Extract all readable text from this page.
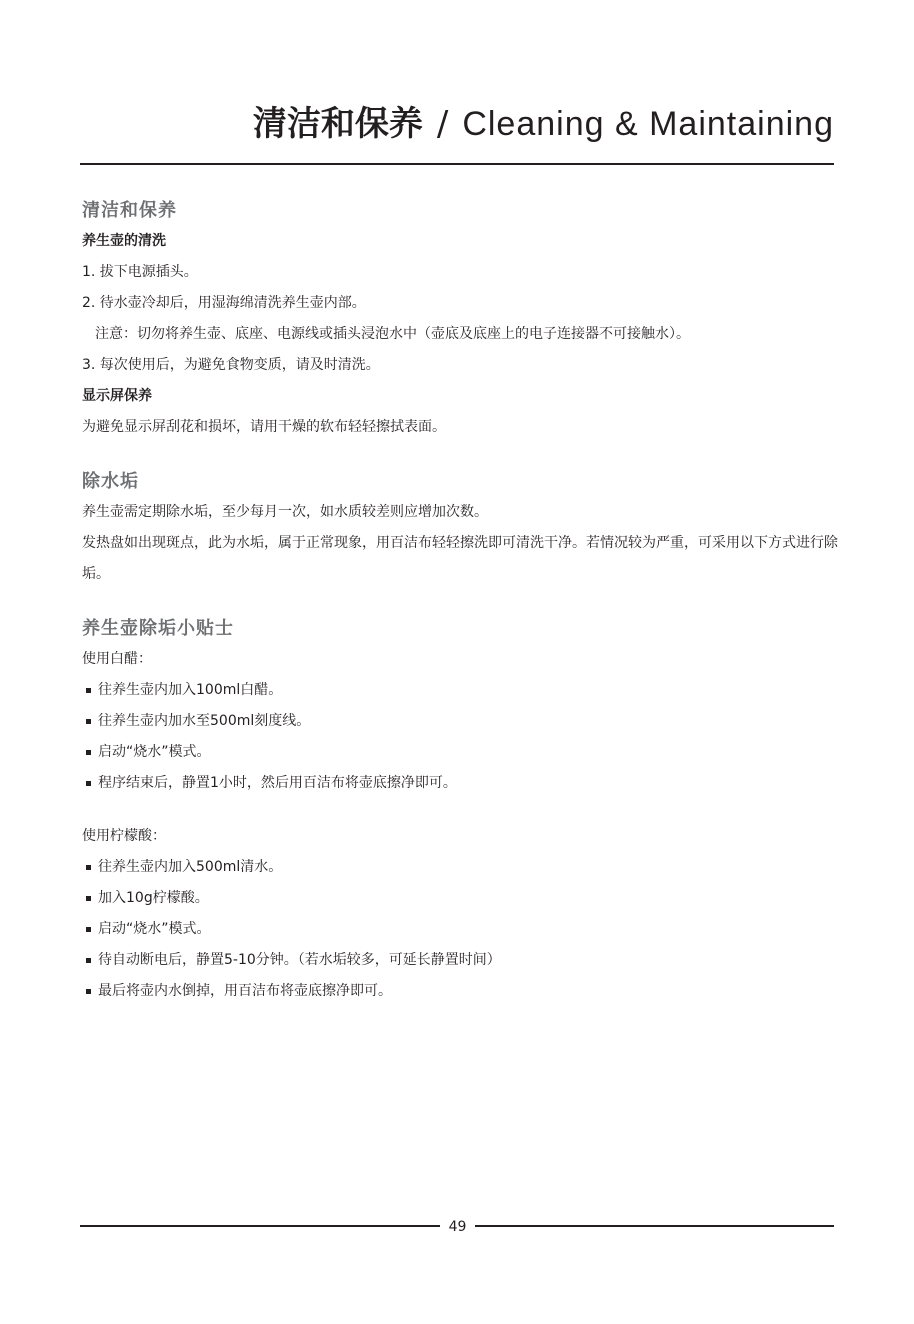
清洁和保养 / Cleaning & Maintaining

清洁和保养

养生壶的清洗

1. 拔下电源插头。

2. 待水壶冷却后，用湿海绵清洗养生壶内部。

注意：切勿将养生壶、底座、电源线或插头浸泡水中（壶底及底座上的电子连接器不可接触水）。

3. 每次使用后，为避免食物变质，请及时清洗。

显示屏保养

为避免显示屏刮花和损坏，请用干燥的软布轻轻擦拭表面。

除水垢

养生壶需定期除水垢，至少每月一次，如水质较差则应增加次数。

发热盘如出现斑点，此为水垢，属于正常现象，用百洁布轻轻擦洗即可清洗干净。若情况较为严重，可采用以下方式进行除垢。

养生壶除垢小贴士

使用白醋：

往养生壶内加入100ml白醋。

往养生壶内加水至500ml刻度线。

启动“烧水”模式。

程序结束后，静置1小时，然后用百洁布将壶底擦净即可。

使用柠檬酸：

往养生壶内加入500ml清水。

加入10g柠檬酸。

启动“烧水”模式。

待自动断电后，静置5-10分钟。（若水垢较多，可延长静置时间）

最后将壶内水倒掉，用百洁布将壶底擦净即可。

49
